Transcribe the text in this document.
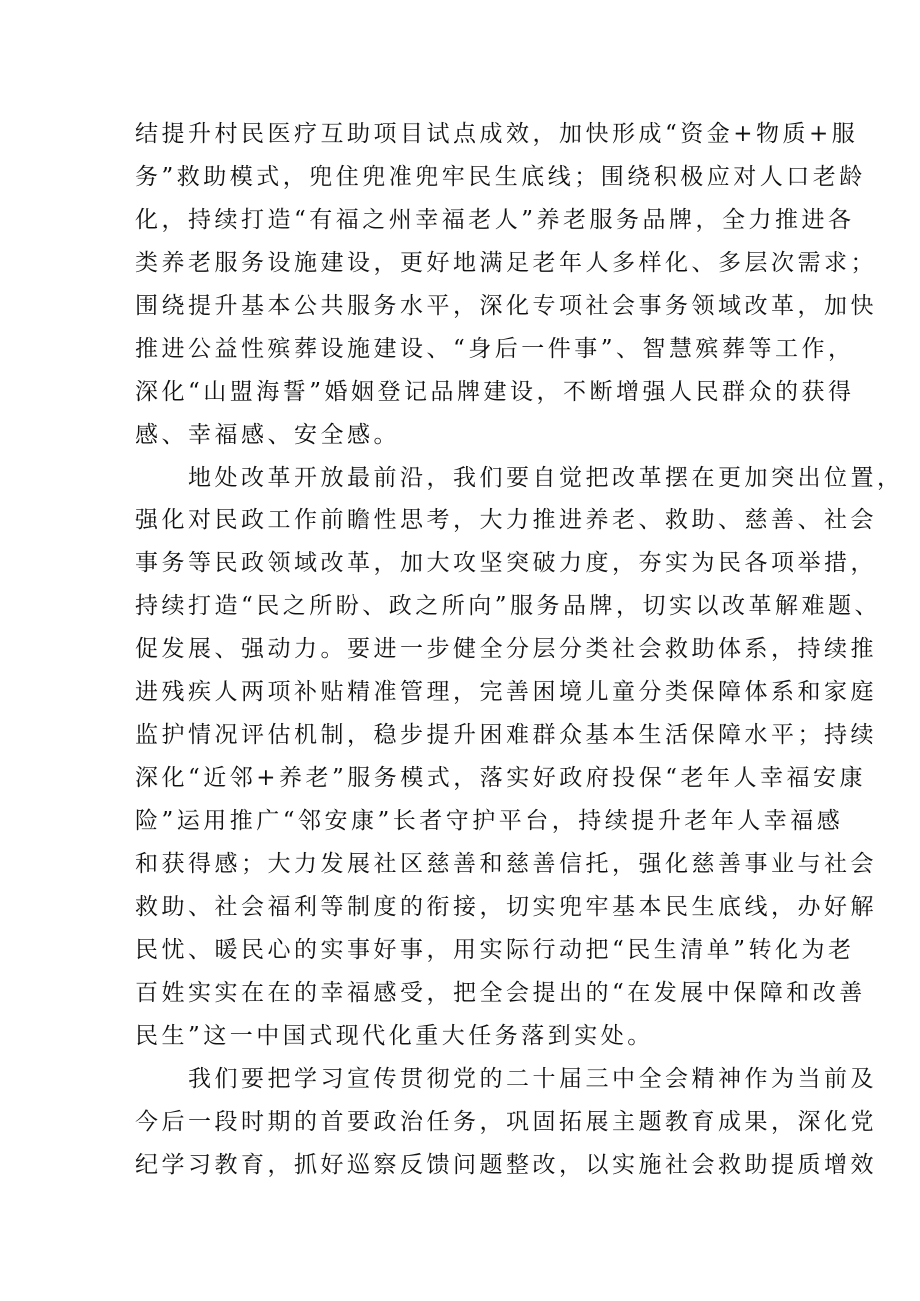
结提升村民医疗互助项目试点成效，加快形成“资金+物质+服
务”救助模式，兜住兜准兜牢民生底线；围绕积极应对人口老龄
化，持续打造“有福之州幸福老人”养老服务品牌，全力推进各
类养老服务设施建设，更好地满足老年人多样化、多层次需求；
围绕提升基本公共服务水平，深化专项社会事务领域改革，加快
推进公益性殡葬设施建设、“身后一件事”、智慧殡葬等工作，
深化“山盟海誓”婚姻登记品牌建设，不断增强人民群众的获得
感、幸福感、安全感。
　　地处改革开放最前沿，我们要自觉把改革摆在更加突出位置，
强化对民政工作前瞻性思考，大力推进养老、救助、慈善、社会
事务等民政领域改革，加大攻坚突破力度，夯实为民各项举措，
持续打造“民之所盼、政之所向”服务品牌，切实以改革解难题、
促发展、强动力。要进一步健全分层分类社会救助体系，持续推
进残疾人两项补贴精准管理，完善困境儿童分类保障体系和家庭
监护情况评估机制，稳步提升困难群众基本生活保障水平；持续
深化“近邻+养老”服务模式，落实好政府投保“老年人幸福安康
险”运用推广“邻安康”长者守护平台，持续提升老年人幸福感
和获得感；大力发展社区慈善和慈善信托，强化慈善事业与社会
救助、社会福利等制度的衔接，切实兜牢基本民生底线，办好解
民忧、暖民心的实事好事，用实际行动把“民生清单”转化为老
百姓实实在在的幸福感受，把全会提出的“在发展中保障和改善
民生”这一中国式现代化重大任务落到实处。
　　我们要把学习宣传贯彻党的二十届三中全会精神作为当前及
今后一段时期的首要政治任务，巩固拓展主题教育成果，深化党
纪学习教育，抓好巡察反馈问题整改，以实施社会救助提质增效
